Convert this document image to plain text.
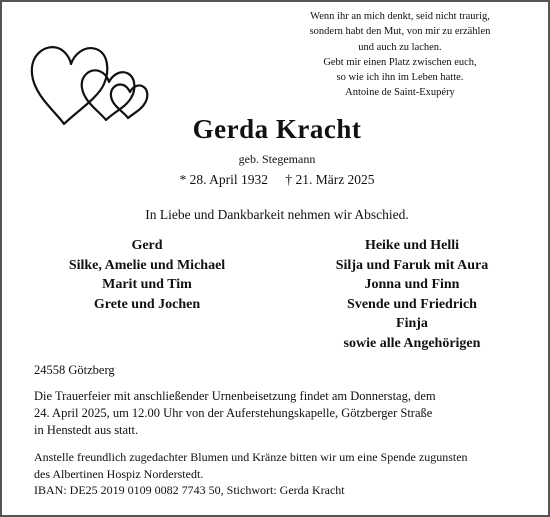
Wenn ihr an mich denkt, seid nicht traurig,
sondern habt den Mut, von mir zu erzählen
und auch zu lachen.
Gebt mir einen Platz zwischen euch,
so wie ich ihn im Leben hatte.
Antoine de Saint-Exupéry
Gerda Kracht
geb. Stegemann
* 28. April 1932 † 21. März 2025
In Liebe und Dankbarkeit nehmen wir Abschied.
Gerd
Silke, Amelie und Michael
Marit und Tim
Grete und Jochen
Heike und Helli
Silja und Faruk mit Aura
Jonna und Finn
Svende und Friedrich
Finja
sowie alle Angehörigen
24558 Götzberg
Die Trauerfeier mit anschließender Urnenbeisetzung findet am Donnerstag, dem
24. April 2025, um 12.00 Uhr von der Auferstehungskapelle, Götzberger Straße
in Henstedt aus statt.
Anstelle freundlich zugedachter Blumen und Kränze bitten wir um eine Spende zugunsten
des Albertinen Hospiz Norderstedt.
IBAN: DE25 2019 0109 0082 7743 50, Stichwort: Gerda Kracht
